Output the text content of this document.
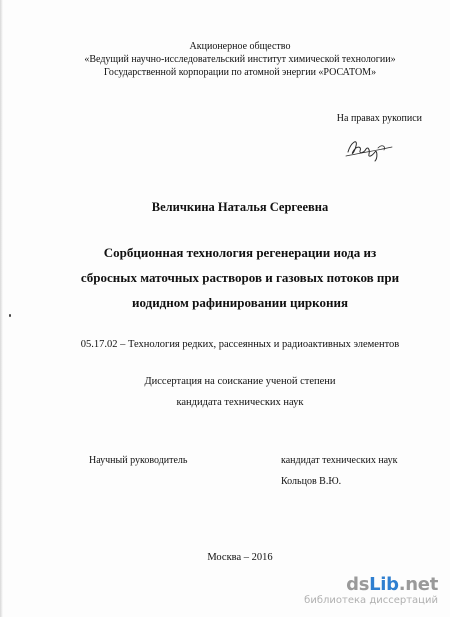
Акционерное общество
«Ведущий научно-исследовательский институт химической технологии»
Государственной корпорации по атомной энергии «РОСАТОМ»
На правах рукописи
Величкина Наталья Сергеевна
Сорбционная технология регенерации иода из
сбросных маточных растворов и газовых потоков при
иодидном рафинировании циркония
05.17.02 – Технология редких, рассеянных и радиоактивных элементов
Диссертация на соискание ученой степени
кандидата технических наук
Научный руководитель	кандидат технических наук
Кольцов В.Ю.
Москва – 2016
dsLib.net
библиотека диссертаций
